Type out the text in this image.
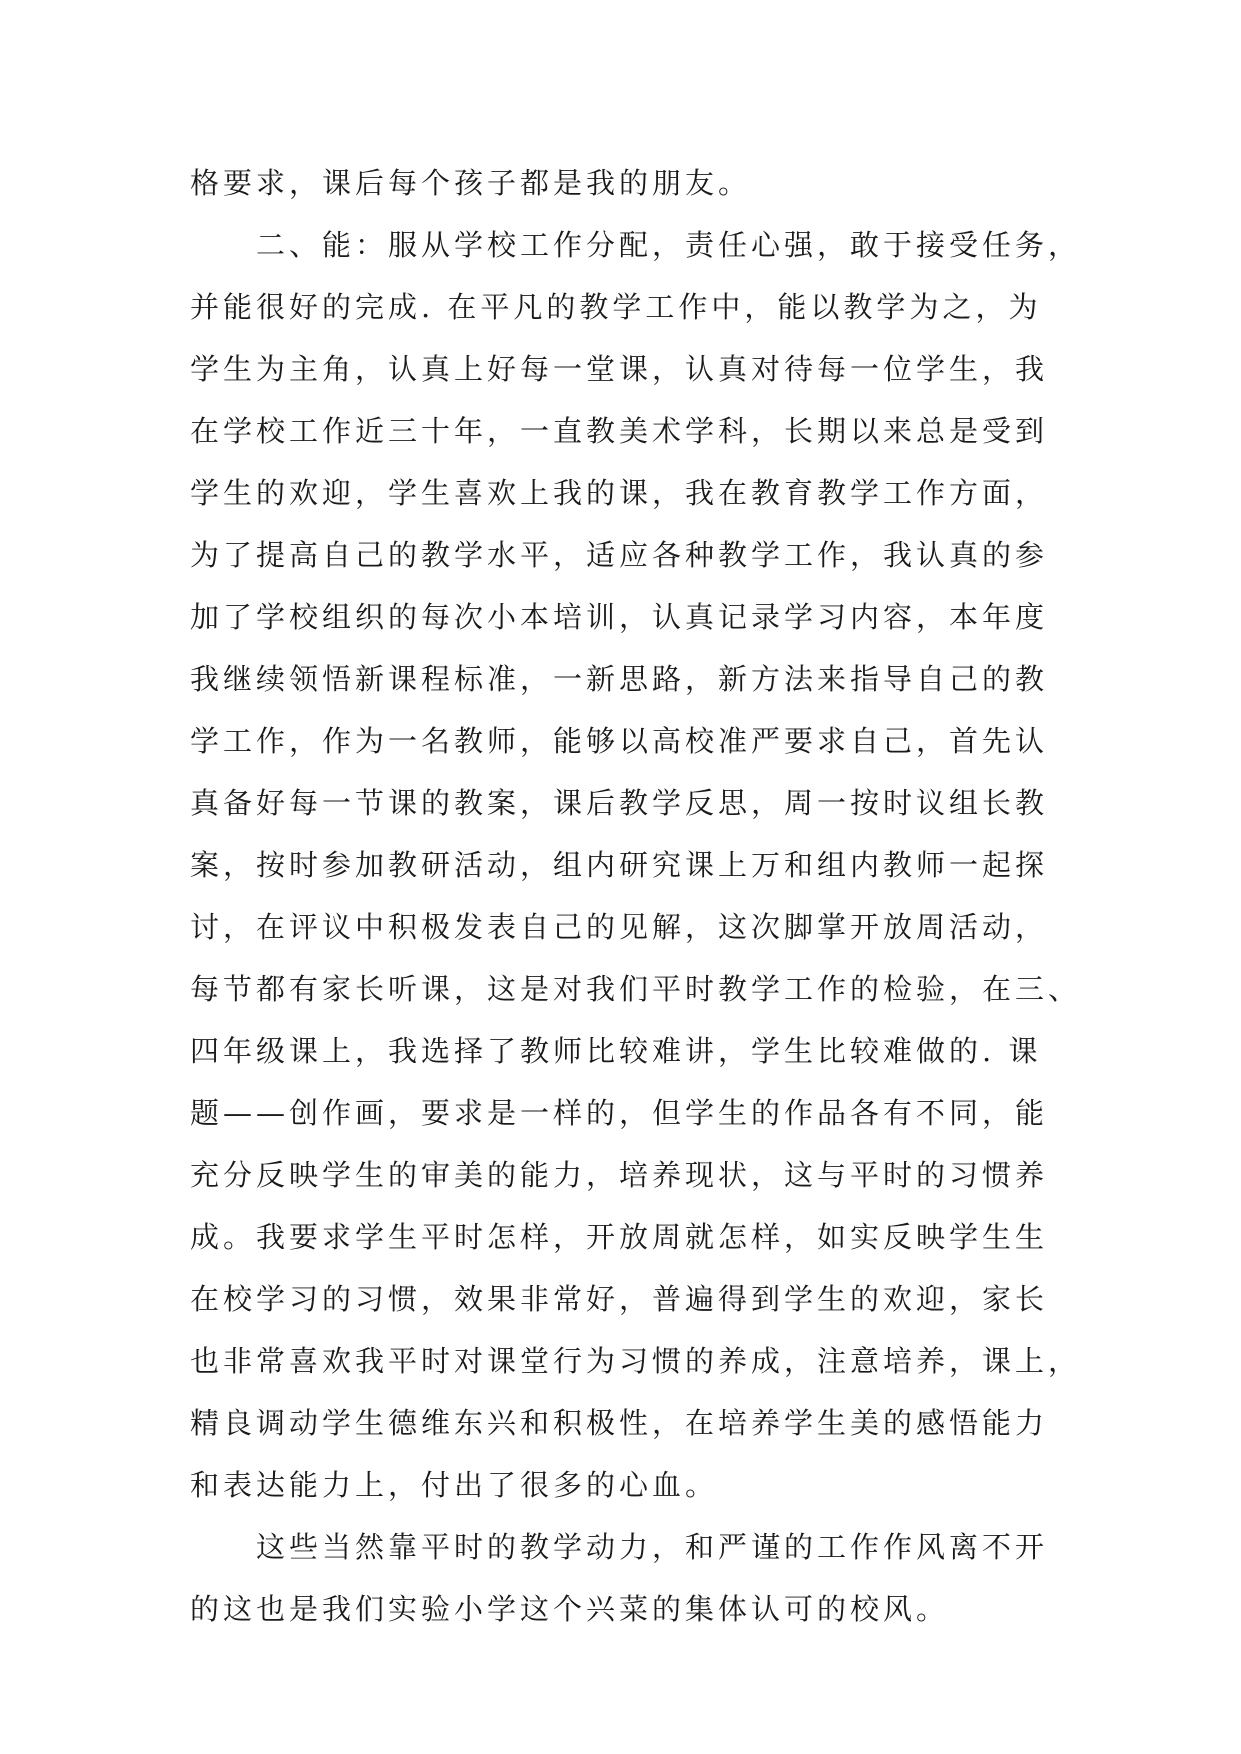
格要求，课后每个孩子都是我的朋友。
二、能：服从学校工作分配，责任心强，敢于接受任务，
并能很好的完成. 在平凡的教学工作中，能以教学为之，为
学生为主角，认真上好每一堂课，认真对待每一位学生，我
在学校工作近三十年，一直教美术学科，长期以来总是受到
学生的欢迎，学生喜欢上我的课，我在教育教学工作方面，
为了提高自己的教学水平，适应各种教学工作，我认真的参
加了学校组织的每次小本培训，认真记录学习内容，本年度
我继续领悟新课程标准，一新思路，新方法来指导自己的教
学工作，作为一名教师，能够以高校准严要求自己，首先认
真备好每一节课的教案，课后教学反思，周一按时议组长教
案，按时参加教研活动，组内研究课上万和组内教师一起探
讨，在评议中积极发表自己的见解，这次脚掌开放周活动，
每节都有家长听课，这是对我们平时教学工作的检验，在三、
四年级课上，我选择了教师比较难讲，学生比较难做的. 课
题——创作画，要求是一样的，但学生的作品各有不同，能
充分反映学生的审美的能力，培养现状，这与平时的习惯养
成。我要求学生平时怎样，开放周就怎样，如实反映学生生
在校学习的习惯，效果非常好，普遍得到学生的欢迎，家长
也非常喜欢我平时对课堂行为习惯的养成，注意培养，课上，
精良调动学生德维东兴和积极性，在培养学生美的感悟能力
和表达能力上，付出了很多的心血。
这些当然靠平时的教学动力，和严谨的工作作风离不开
的这也是我们实验小学这个兴菜的集体认可的校风。
